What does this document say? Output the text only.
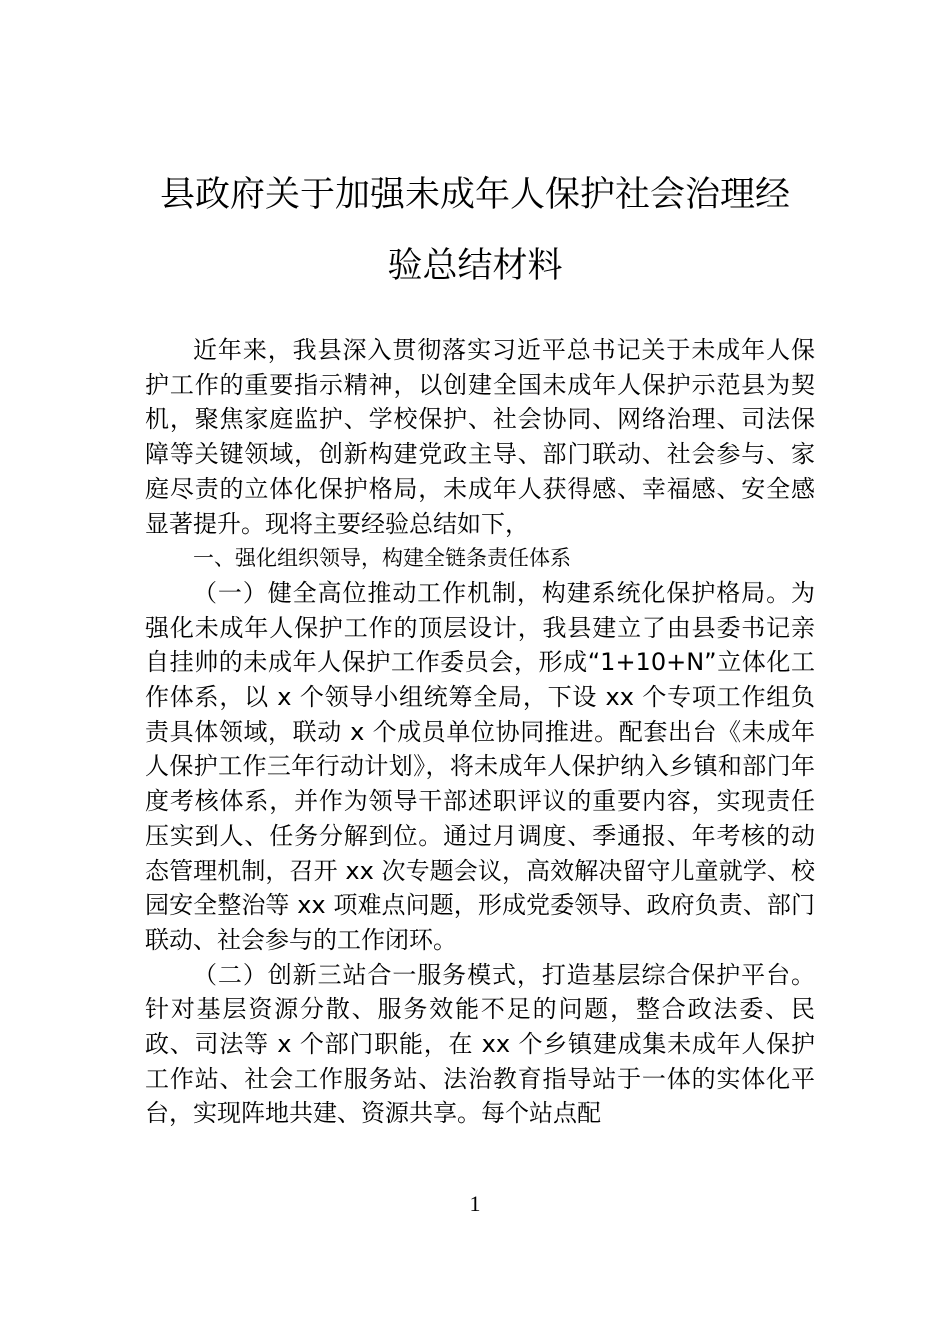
县政府关于加强未成年人保护社会治理经
验总结材料

近年来，我县深入贯彻落实习近平总书记关于未成年人保护工作的重要指示精神，以创建全国未成年人保护示范县为契机，聚焦家庭监护、学校保护、社会协同、网络治理、司法保障等关键领域，创新构建党政主导、部门联动、社会参与、家庭尽责的立体化保护格局，未成年人获得感、幸福感、安全感显著提升。现将主要经验总结如下，

一、强化组织领导，构建全链条责任体系

（一）健全高位推动工作机制，构建系统化保护格局。为强化未成年人保护工作的顶层设计，我县建立了由县委书记亲自挂帅的未成年人保护工作委员会，形成“1+10+N”立体化工作体系，以 x 个领导小组统筹全局，下设 xx 个专项工作组负责具体领域，联动 x 个成员单位协同推进。配套出台《未成年人保护工作三年行动计划》，将未成年人保护纳入乡镇和部门年度考核体系，并作为领导干部述职评议的重要内容，实现责任压实到人、任务分解到位。通过月调度、季通报、年考核的动态管理机制，召开 xx 次专题会议，高效解决留守儿童就学、校园安全整治等 xx 项难点问题，形成党委领导、政府负责、部门联动、社会参与的工作闭环。

（二）创新三站合一服务模式，打造基层综合保护平台。针对基层资源分散、服务效能不足的问题，整合政法委、民政、司法等 x 个部门职能，在 xx 个乡镇建成集未成年人保护工作站、社会工作服务站、法治教育指导站于一体的实体化平台，实现阵地共建、资源共享。每个站点配

1
